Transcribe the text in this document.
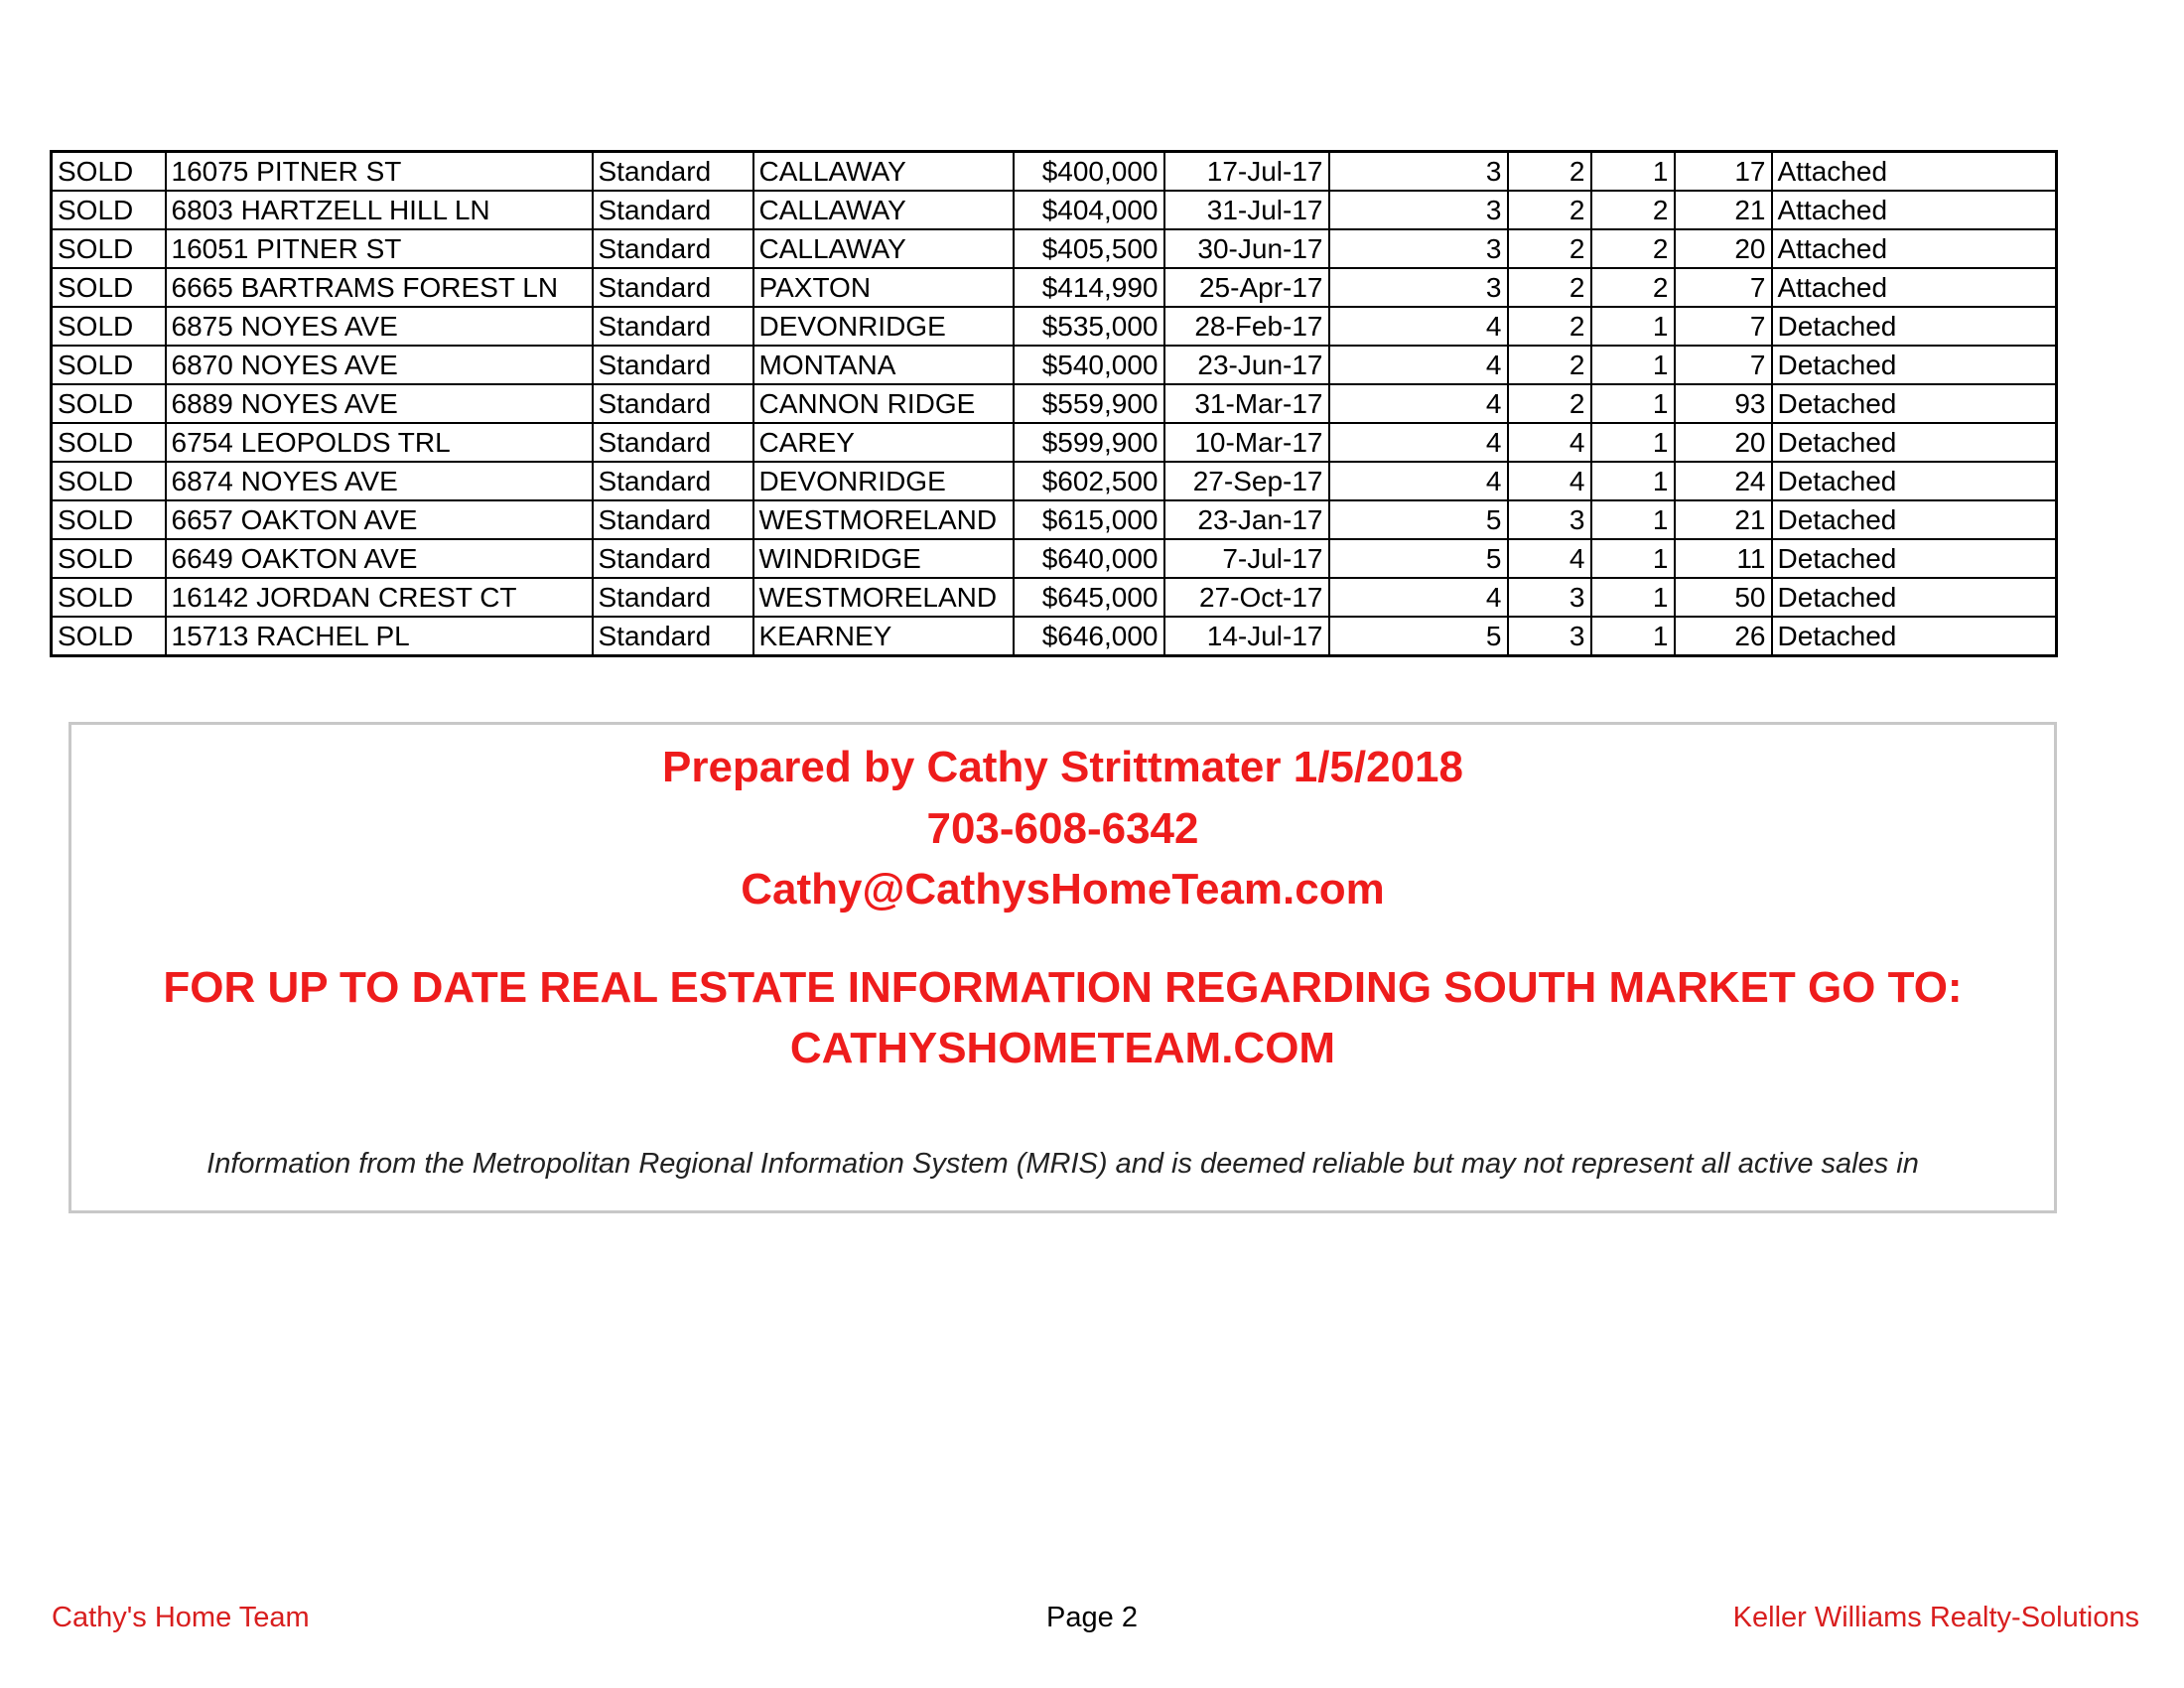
SOLD	16075 PITNER ST	Standard	CALLAWAY	$400,000	17-Jul-17	3	2	1	17	Attached
SOLD	6803 HARTZELL HILL LN	Standard	CALLAWAY	$404,000	31-Jul-17	3	2	2	21	Attached
SOLD	16051 PITNER ST	Standard	CALLAWAY	$405,500	30-Jun-17	3	2	2	20	Attached
SOLD	6665 BARTRAMS FOREST LN	Standard	PAXTON	$414,990	25-Apr-17	3	2	2	7	Attached
SOLD	6875 NOYES AVE	Standard	DEVONRIDGE	$535,000	28-Feb-17	4	2	1	7	Detached
SOLD	6870 NOYES AVE	Standard	MONTANA	$540,000	23-Jun-17	4	2	1	7	Detached
SOLD	6889 NOYES AVE	Standard	CANNON RIDGE	$559,900	31-Mar-17	4	2	1	93	Detached
SOLD	6754 LEOPOLDS TRL	Standard	CAREY	$599,900	10-Mar-17	4	4	1	20	Detached
SOLD	6874 NOYES AVE	Standard	DEVONRIDGE	$602,500	27-Sep-17	4	4	1	24	Detached
SOLD	6657 OAKTON AVE	Standard	WESTMORELAND	$615,000	23-Jan-17	5	3	1	21	Detached
SOLD	6649 OAKTON AVE	Standard	WINDRIDGE	$640,000	7-Jul-17	5	4	1	11	Detached
SOLD	16142 JORDAN CREST CT	Standard	WESTMORELAND	$645,000	27-Oct-17	4	3	1	50	Detached
SOLD	15713 RACHEL PL	Standard	KEARNEY	$646,000	14-Jul-17	5	3	1	26	Detached
Prepared by Cathy Strittmater 1/5/2018
703-608-6342
Cathy@CathysHomeTeam.com
FOR UP TO DATE REAL ESTATE INFORMATION REGARDING SOUTH MARKET GO TO:
CATHYSHOMETEAM.COM
Information from the Metropolitan Regional Information System (MRIS) and is deemed reliable but may not represent all active sales in
Cathy's Home Team	Page 2	Keller Williams Realty-Solutions
